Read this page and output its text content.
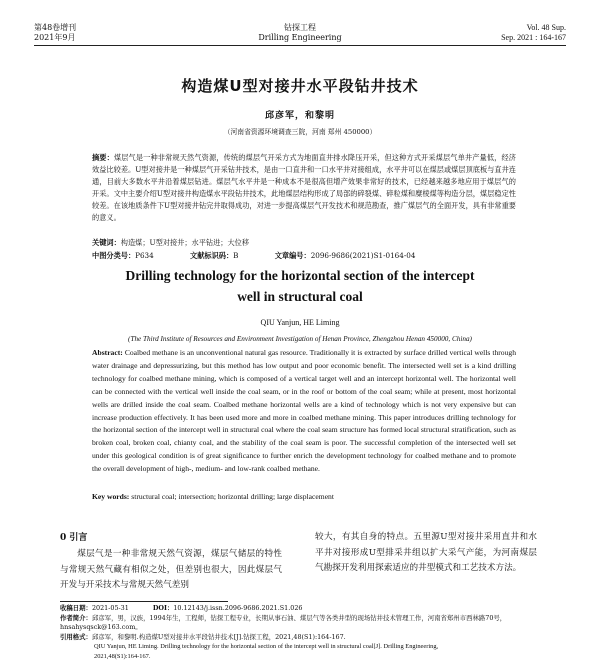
第48卷增刊
2021年9月
钻探工程
Drilling Engineering
Vol. 48 Sup.
Sep. 2021 : 164-167
构造煤U型对接井水平段钻井技术
邱彦军，和黎明
（河南省资源环境调查三院，河南 郑州 450000）
摘要：煤层气是一种非常规天然气资源，传统的煤层气开采方式为地面直井排水降压开采，但这种方式开采煤层气单井产量低，经济效益比较差。U型对接井是一种煤层气开采钻井技术，是由一口直井和一口水平井对接组成，水平井可以在煤层或煤层顶底板与直井连通，目前大多数水平井沿着煤层钻进。煤层气水平井是一种成本不是很高但增产效果非常好的技术，已经越来越多地应用于煤层气的开采。文中主要介绍U型对接井构造煤水平段钻井技术，此地煤层结构形成了局部的碎裂煤、碎粒煤和糜棱煤等构造分层，煤层稳定性较差。在该地质条件下U型对接井钻完井取得成功，对进一步提高煤层气开发技术和规范勘查，推广煤层气的全面开发，具有非常重要的意义。
关键词：构造煤；U型对接井；水平钻进；大位移
中图分类号：P634	文献标识码：B	文章编号：2096-9686(2021)S1-0164-04
Drilling technology for the horizontal section of the intercept
well in structural coal
QIU Yanjun, HE Liming
(The Third Institute of Resources and Environment Investigation of Henan Province, Zhengzhou Henan 450000, China)
Abstract: Coalbed methane is an unconventional natural gas resource. Traditionally it is extracted by surface drilled vertical wells through water drainage and depressurizing, but this method has low output and poor economic benefit. The intersected well set is a kind drilling technology for coalbed methane mining, which is composed of a vertical target well and an intercept horizontal well. The horizontal well can be connected with the vertical well inside the coal seam, or in the roof or bottom of the coal seam; while at present, most horizontal wells are drilled inside the coal seam. Coalbed methane horizontal wells are a kind of technology which is not very expensive but can increase production effectively. It has been used more and more in coalbed methane mining. This paper introduces drilling technology for the horizontal section of the intercept well in structural coal where the coal seam structure has formed local structural stratification, such as broken coal, broken coal, chianty coal, and the stability of the coal seam is poor. The successful completion of the intersected well set under this geological condition is of great significance to further enrich the development technology for coalbed methane and to promote the overall development of high-, medium- and low-rank coalbed methane.
Key words: structural coal; intersection; horizontal drilling; large displacement
0 引言
煤层气是一种非常规天然气资源，煤层气储层的特性与常规天然气藏有相似之处，但差别也很大，因此煤层气开发与开采技术与常规天然气差别
较大，有其自身的特点。五里源U型对接井采用直井和水平井对接形成U型排采井组以扩大采气产能，为河南煤层气勘探开发利用探索适应的井型模式和工艺技术方法。
收稿日期：2021-05-31	DOI：10.12143/j.issn.2096-9686.2021.S1.026
作者简介：邱彦军，男，汉族，1994年生，工程师，钻探工程专业，长期从事石油、煤层气等各类井型的现场钻井技术管理工作，河南省郑州市西林路70号，hnsahysqsck@163.com。
引用格式：邱彦军，和黎明.构造煤U型对接井水平段钻井技术[J].钻探工程，2021,48(S1):164-167.
QIU Yanjun, HE Liming. Drilling technology for the horizontal section of the intercept well in structural coal[J]. Drilling Engineering,
2021,48(S1):164-167.
